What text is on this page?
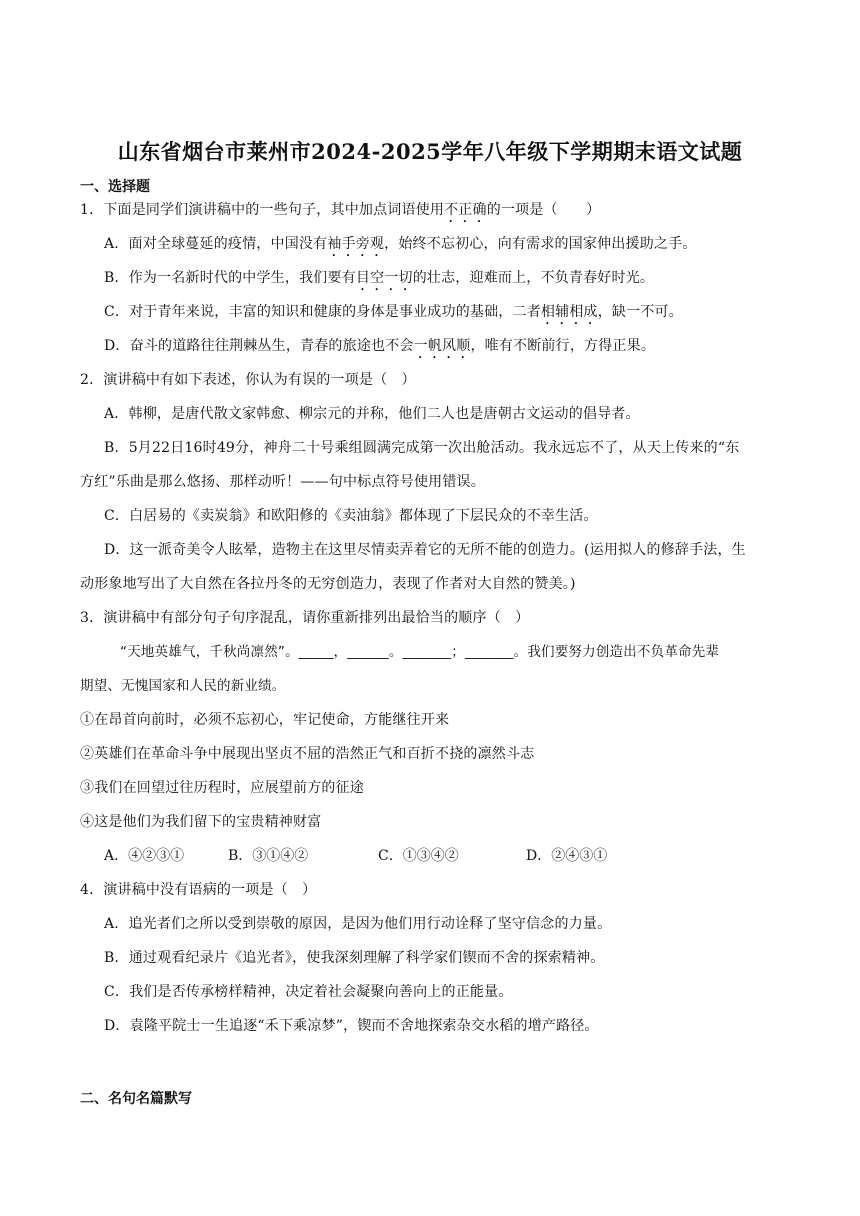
山东省烟台市莱州市2024-2025学年八年级下学期期末语文试题
一、选择题
1．下面是同学们演讲稿中的一些句子，其中加点词语使用不正确的一项是（　　）
A．面对全球蔓延的疫情，中国没有袖手旁观，始终不忘初心，向有需求的国家伸出援助之手。
B．作为一名新时代的中学生，我们要有目空一切的壮志，迎难而上，不负青春好时光。
C．对于青年来说，丰富的知识和健康的身体是事业成功的基础，二者相辅相成，缺一不可。
D．奋斗的道路往往荆棘丛生，青春的旅途也不会一帆风顺，唯有不断前行，方得正果。
2．演讲稿中有如下表述，你认为有误的一项是（　）
A．韩柳，是唐代散文家韩愈、柳宗元的并称，他们二人也是唐朝古文运动的倡导者。
B．5月22日16时49分，神舟二十号乘组圆满完成第一次出舱活动。我永远忘不了，从天上传来的“东
方红”乐曲是那么悠扬、那样动听！——句中标点符号使用错误。
C．白居易的《卖炭翁》和欧阳修的《卖油翁》都体现了下层民众的不幸生活。
D．这一派奇美令人眩晕，造物主在这里尽情卖弄着它的无所不能的创造力。(运用拟人的修辞手法，生
动形象地写出了大自然在各拉丹冬的无穷创造力，表现了作者对大自然的赞美。)
3．演讲稿中有部分句子句序混乱，请你重新排列出最恰当的顺序（　）
“天地英雄气，千秋尚凛然”。_____，______。_______；_______。我们要努力创造出不负革命先辈
期望、无愧国家和人民的新业绩。
①在昂首向前时，必须不忘初心，牢记使命，方能继往开来
②英雄们在革命斗争中展现出坚贞不屈的浩然正气和百折不挠的凛然斗志
③我们在回望过往历程时，应展望前方的征途
④这是他们为我们留下的宝贵精神财富
A．④②③①	B．③①④②	C．①③④②	D．②④③①
4．演讲稿中没有语病的一项是（　）
A．追光者们之所以受到崇敬的原因，是因为他们用行动诠释了坚守信念的力量。
B．通过观看纪录片《追光者》，使我深刻理解了科学家们锲而不舍的探索精神。
C．我们是否传承榜样精神，决定着社会凝聚向善向上的正能量。
D．袁隆平院士一生追逐“禾下乘凉梦”，锲而不舍地探索杂交水稻的增产路径。
二、名句名篇默写
